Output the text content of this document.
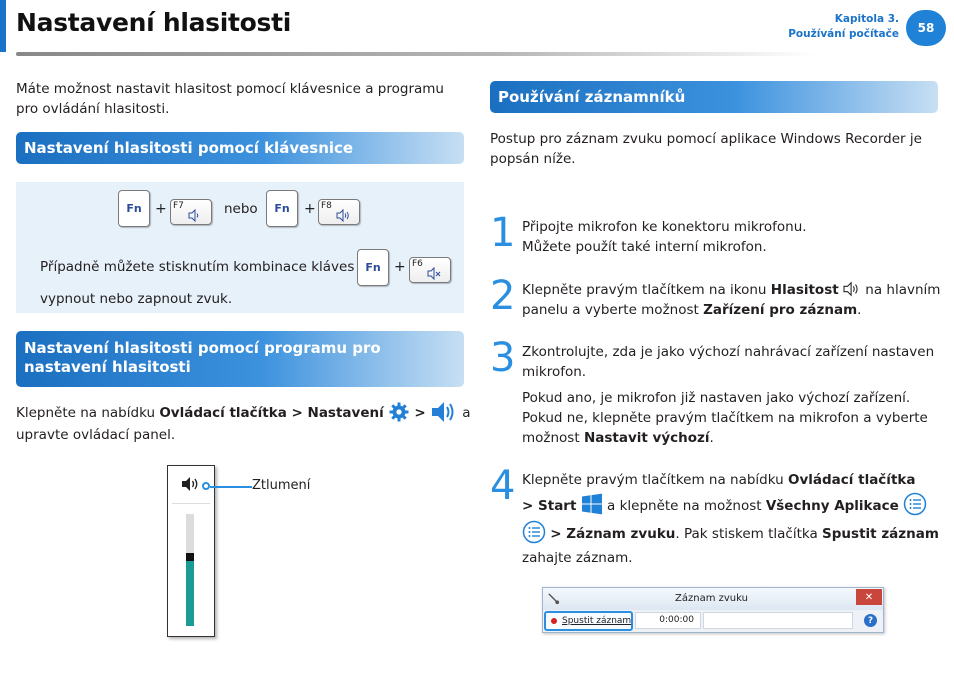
Nastavení hlasitosti	Kapitola 3.
Používání počítače	58
Máte možnost nastavit hlasitost pomocí klávesnice a programu pro ovládání hlasitosti.
Nastavení hlasitosti pomocí klávesnice
Fn + F7	nebo	Fn	+ F8
Případně můžete stisknutím kombinace kláves Fn + F6
vypnout nebo zapnout zvuk.
Nastavení hlasitosti pomocí programu pro nastavení hlasitosti
Klepněte na nabídku Ovládací tlačítka > Nastavení >	a
upravte ovládací panel.
Ztlumení
Používání záznamníků
Postup pro záznam zvuku pomocí aplikace Windows Recorder je popsán níže.
1 Připojte mikrofon ke konektoru mikrofonu.
Můžete použít také interní mikrofon.
2 Klepněte pravým tlačítkem na ikonu Hlasitost  na hlavním panelu a vyberte možnost Zařízení pro záznam.
3 Zkontrolujte, zda je jako výchozí nahrávací zařízení nastaven mikrofon.
Pokud ano, je mikrofon již nastaven jako výchozí zařízení. Pokud ne, klepněte pravým tlačítkem na mikrofon a vyberte možnost Nastavit výchozí.
4 Klepněte pravým tlačítkem na nabídku Ovládací tlačítka
> Start  a klepněte na možnost Všechny Aplikace
> Záznam zvuku. Pak stiskem tlačítka Spustit záznam
zahajte záznam.
Záznam zvuku	✕
Spustit záznam	0:00:00	?
